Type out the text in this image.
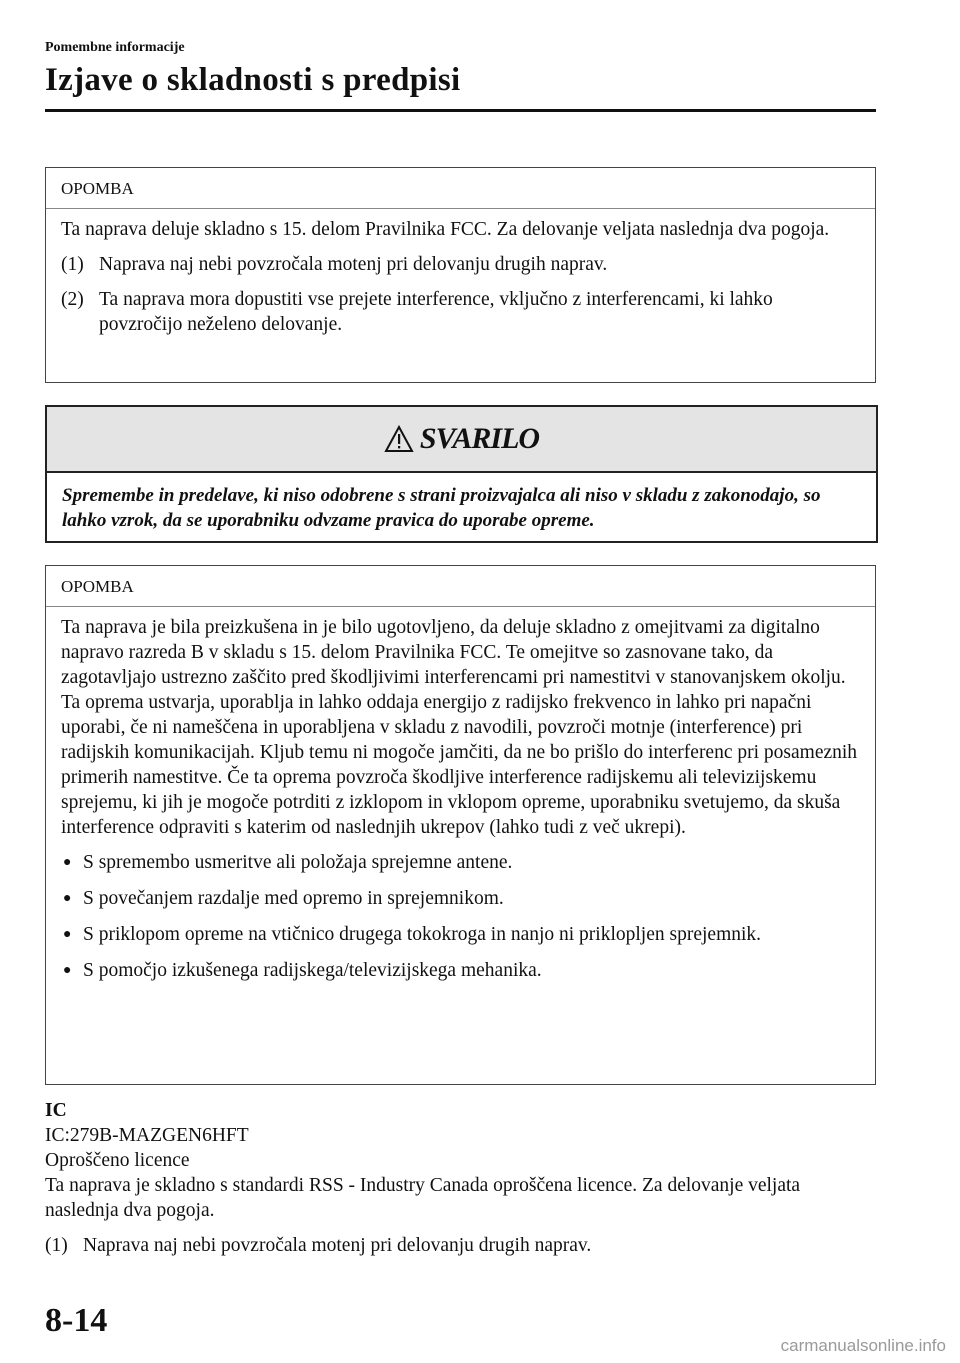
Pomembne informacije
Izjave o skladnosti s predpisi
OPOMBA

Ta naprava deluje skladno s 15. delom Pravilnika FCC. Za delovanje veljata naslednja dva pogoja.

(1) Naprava naj nebi povzročala motenj pri delovanju drugih naprav.
(2) Ta naprava mora dopustiti vse prejete interference, vključno z interferencami, ki lahko povzročijo neželeno delovanje.
SVARILO
Spremembe in predelave, ki niso odobrene s strani proizvajalca ali niso v skladu z zakonodajo, so lahko vzrok, da se uporabniku odvzame pravica do uporabe opreme.
OPOMBA

Ta naprava je bila preizkušena in je bilo ugotovljeno, da deluje skladno z omejitvami za digitalno napravo razreda B v skladu s 15. delom Pravilnika FCC. Te omejitve so zasnovane tako, da zagotavljajo ustrezno zaščito pred škodljivimi interferencami pri namestitvi v stanovanjskem okolju. Ta oprema ustvarja, uporablja in lahko oddaja energijo z radijsko frekvenco in lahko pri napačni uporabi, če ni nameščena in uporabljena v skladu z navodili, povzroči motnje (interference) pri radijskih komunikacijah. Kljub temu ni mogoče jamčiti, da ne bo prišlo do interferenc pri posameznih primerih namestitve. Če ta oprema povzroča škodljive interference radijskemu ali televizijskemu sprejemu, ki jih je mogoče potrditi z izklopom in vklopom opreme, uporabniku svetujemo, da skuša interference odpraviti s katerim od naslednjih ukrepov (lahko tudi z več ukrepi).

● S spremembo usmeritve ali položaja sprejemne antene.
● S povečanjem razdalje med opremo in sprejemnikom.
● S priklopom opreme na vtičnico drugega tokokroga in nanjo ni priklopljen sprejemnik.
● S pomočjo izkušenega radijskega/televizijskega mehanika.

IC

IC:279B-MAZGEN6HFT

Oproščeno licence

Ta naprava je skladno s standardi RSS - Industry Canada oproščena licence. Za delovanje veljata naslednja dva pogoja.

(1) Naprava naj nebi povzročala motenj pri delovanju drugih naprav.
8-14
carmanualsonline.info
